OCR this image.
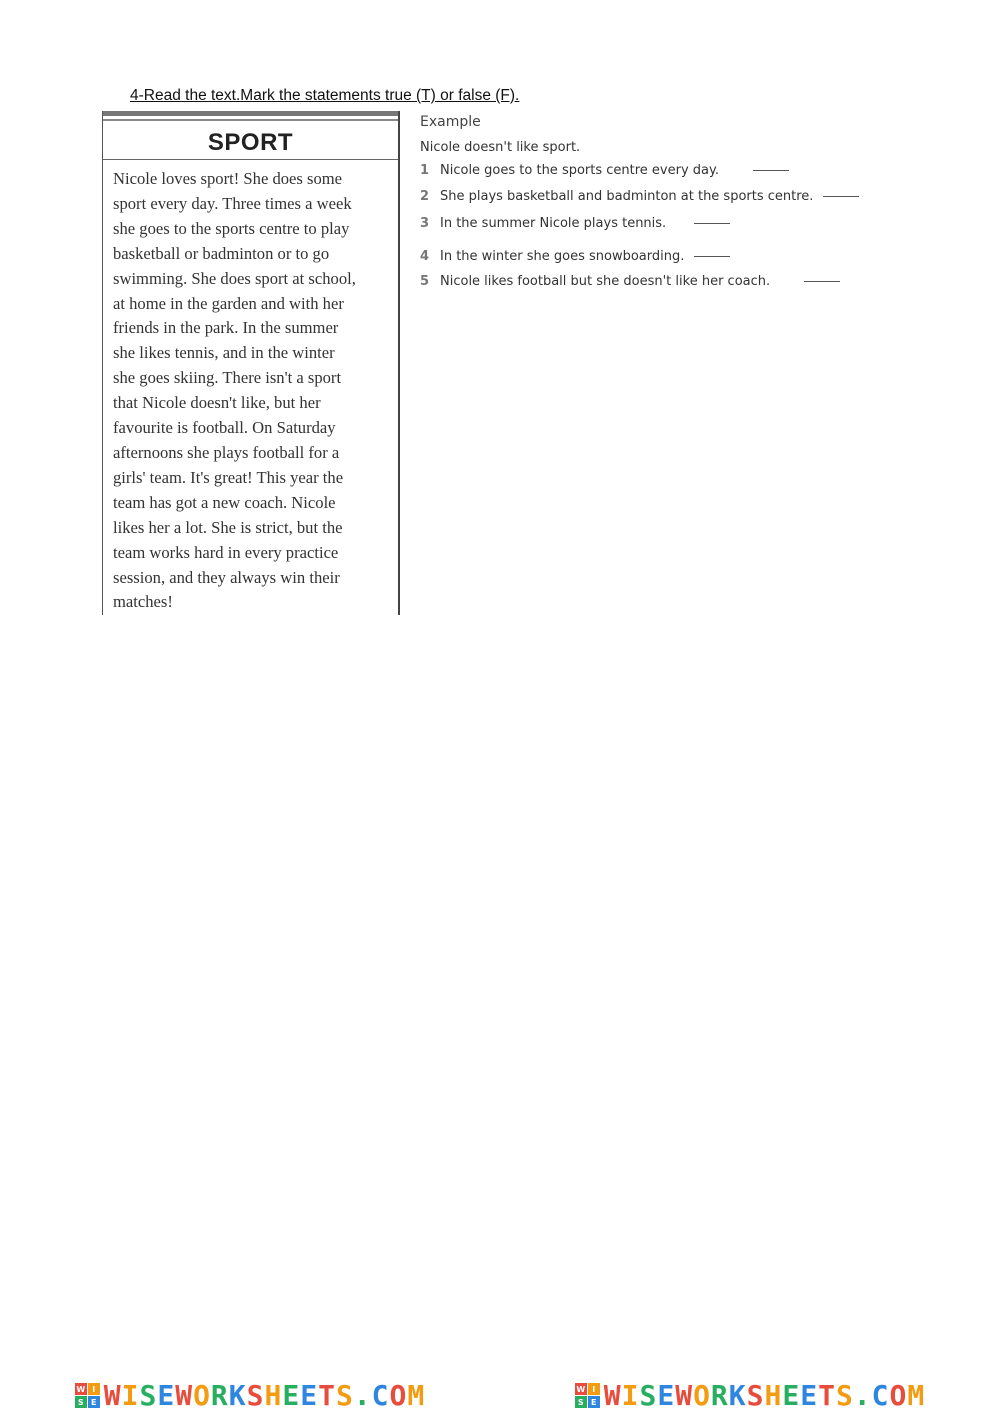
4-Read the text.Mark the statements true (T) or false (F).
SPORT
Nicole loves sport! She does some
sport every day. Three times a week
she goes to the sports centre to play
basketball or badminton or to go
swimming. She does sport at school,
at home in the garden and with her
friends in the park. In the summer
she likes tennis, and in the winter
she goes skiing. There isn't a sport
that Nicole doesn't like, but her
favourite is football. On Saturday
afternoons she plays football for a
girls' team. It's great! This year the
team has got a new coach. Nicole
likes her a lot. She is strict, but the
team works hard in every practice
session, and they always win their
matches!
Example
Nicole doesn't like sport.
1 Nicole goes to the sports centre every day.
2 She plays basketball and badminton at the sports centre.
3 In the summer Nicole plays tennis.
4 In the winter she goes snowboarding.
5 Nicole likes football but she doesn't like her coach.
W I
S E WISEWORKSHEETS.COM	W I
S E WISEWORKSHEETS.COM
